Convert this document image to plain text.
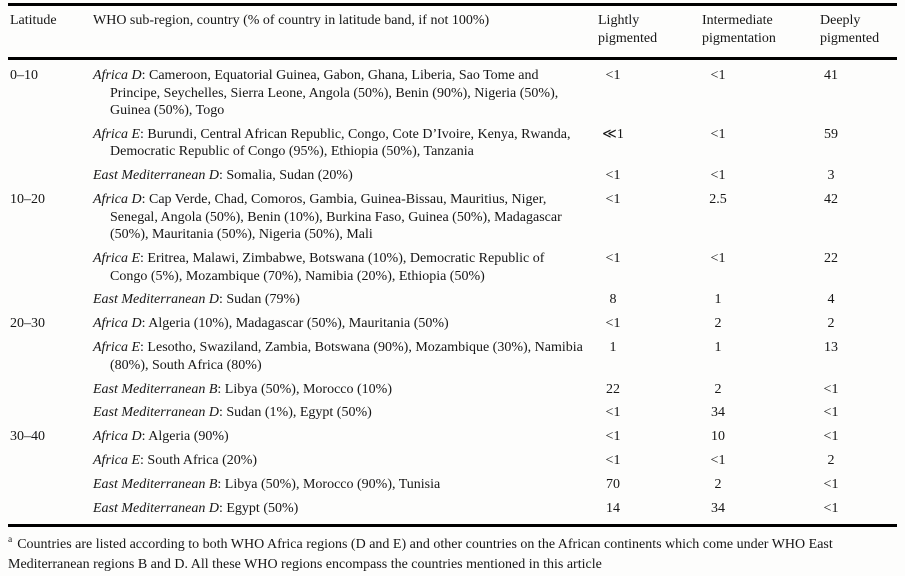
Latitude	WHO sub-region, country (% of country in latitude band, if not 100%)	Lightly pigmented	Intermediate pigmentation	Deeply pigmented
0–10	Africa D: Cameroon, Equatorial Guinea, Gabon, Ghana, Liberia, Sao Tome and Principe, Seychelles, Sierra Leone, Angola (50%), Benin (90%), Nigeria (50%), Guinea (50%), Togo	<1	<1	41

	Africa E: Burundi, Central African Republic, Congo, Cote D’Ivoire, Kenya, Rwanda, Democratic Republic of Congo (95%), Ethiopia (50%), Tanzania	≪1	<1	59

	East Mediterranean D: Somalia, Sudan (20%)	<1	<1	3
10–20	Africa D: Cap Verde, Chad, Comoros, Gambia, Guinea-Bissau, Mauritius, Niger, Senegal, Angola (50%), Benin (10%), Burkina Faso, Guinea (50%), Madagascar (50%), Mauritania (50%), Nigeria (50%), Mali	<1	2.5	42

	Africa E: Eritrea, Malawi, Zimbabwe, Botswana (10%), Democratic Republic of Congo (5%), Mozambique (70%), Namibia (20%), Ethiopia (50%)	<1	<1	22

	East Mediterranean D: Sudan (79%)	8	1	4
20–30	Africa D: Algeria (10%), Madagascar (50%), Mauritania (50%)	<1	2	2

	Africa E: Lesotho, Swaziland, Zambia, Botswana (90%), Mozambique (30%), Namibia (80%), South Africa (80%)	1	1	13

	East Mediterranean B: Libya (50%), Morocco (10%)	22	2	<1

	East Mediterranean D: Sudan (1%), Egypt (50%)	<1	34	<1
30–40	Africa D: Algeria (90%)	<1	10	<1

	Africa E: South Africa (20%)	<1	<1	2

	East Mediterranean B: Libya (50%), Morocco (90%), Tunisia	70	2	<1

	East Mediterranean D: Egypt (50%)	14	34	<1
$^a$ Countries are listed according to both WHO Africa regions (D and E) and other countries on the African continents which come under WHO East Mediterranean regions B and D. All these WHO regions encompass the countries mentioned in this article
